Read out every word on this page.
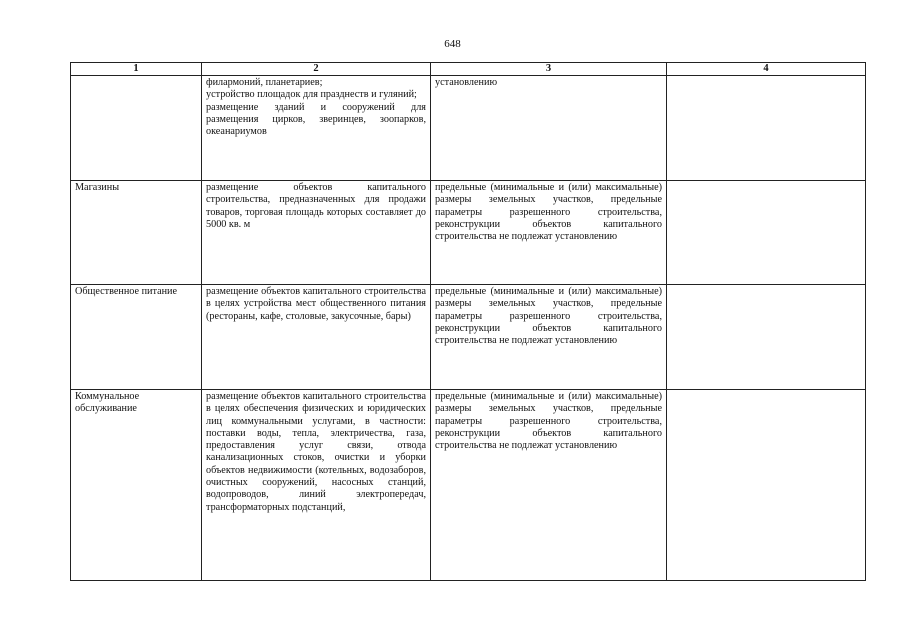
648
1	2	3	4

	филармоний, планетариев;
устройство площадок для празднеств и гуляний;
размещение зданий и сооружений для размещения цирков, зверинцев, зоопарков, океанариумов	установлению	

Магазины	размещение объектов капитального строительства, предназначенных для продажи товаров, торговая площадь которых составляет до 5000 кв. м	предельные (минимальные и (или) максимальные) размеры земельных участков, предельные параметры разрешенного строительства, реконструкции объектов капитального строительства не подлежат установлению	

Общественное питание	размещение объектов капитального строительства в целях устройства мест общественного питания (рестораны, кафе, столовые, закусочные, бары)	предельные (минимальные и (или) максимальные) размеры земельных участков, предельные параметры разрешенного строительства, реконструкции объектов капитального строительства не подлежат установлению	

Коммунальное обслуживание	размещение объектов капитального строительства в целях обеспечения физических и юридических лиц коммунальными услугами, в частности: поставки воды, тепла, электричества, газа, предоставления услуг связи, отвода канализационных стоков, очистки и уборки объектов недвижимости (котельных, водозаборов, очистных сооружений, насосных станций, водопроводов, линий электропередач, трансформаторных подстанций,	предельные (минимальные и (или) максимальные) размеры земельных участков, предельные параметры разрешенного строительства, реконструкции объектов капитального строительства не подлежат установлению	
